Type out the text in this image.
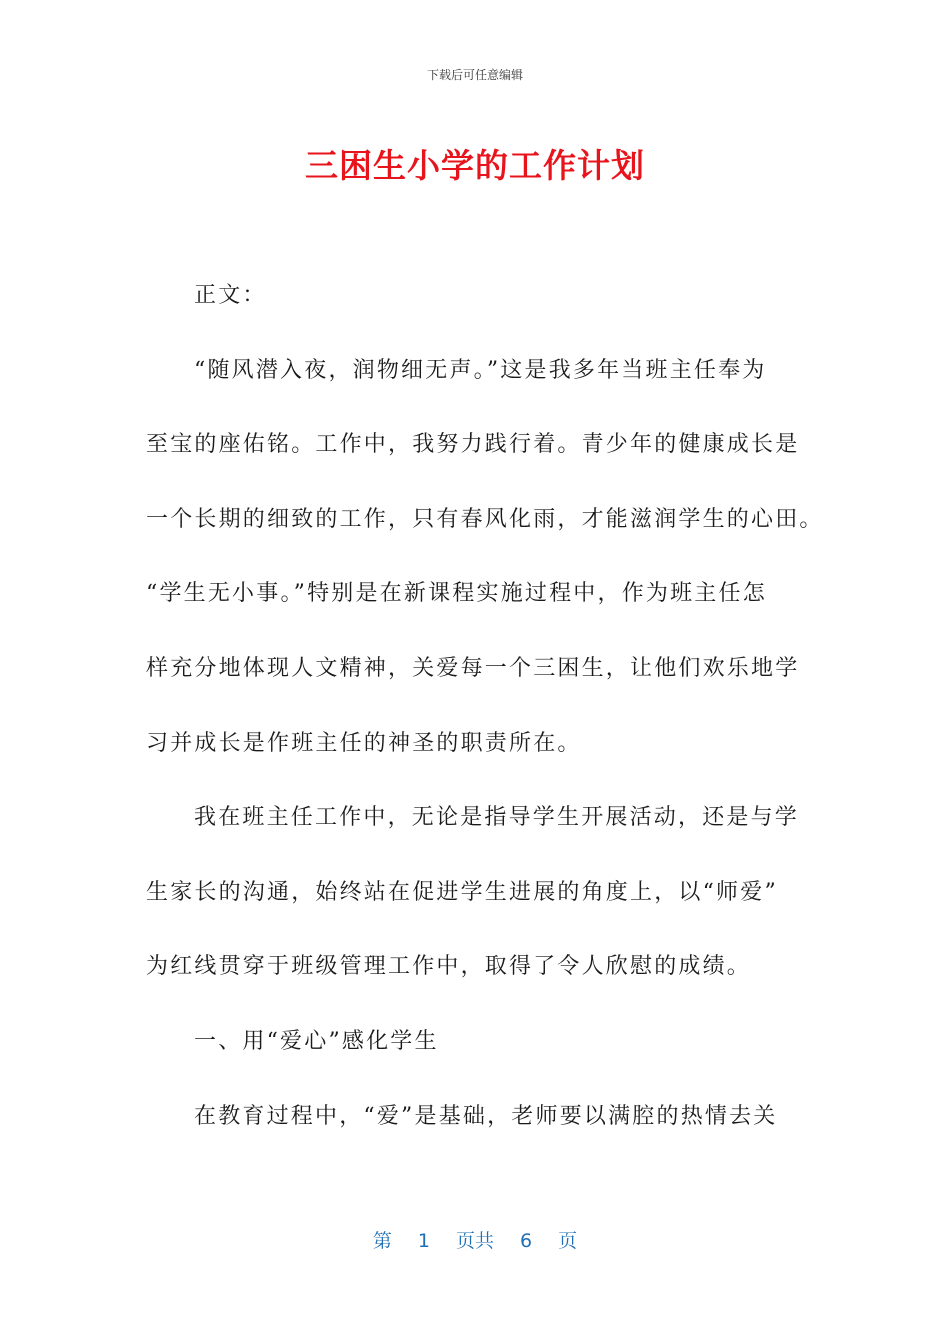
下载后可任意编辑
三困生小学的工作计划
正文：
“随风潜入夜，润物细无声。”这是我多年当班主任奉为
至宝的座佑铭。工作中，我努力践行着。青少年的健康成长是
一个长期的细致的工作，只有春风化雨，才能滋润学生的心田。
“学生无小事。”特别是在新课程实施过程中，作为班主任怎
样充分地体现人文精神，关爱每一个三困生，让他们欢乐地学
习并成长是作班主任的神圣的职责所在。
我在班主任工作中，无论是指导学生开展活动，还是与学
生家长的沟通，始终站在促进学生进展的角度上，以“师爱”
为红线贯穿于班级管理工作中，取得了令人欣慰的成绩。
一、用“爱心”感化学生
在教育过程中，“爱”是基础，老师要以满腔的热情去关
第 1 页共 6 页
